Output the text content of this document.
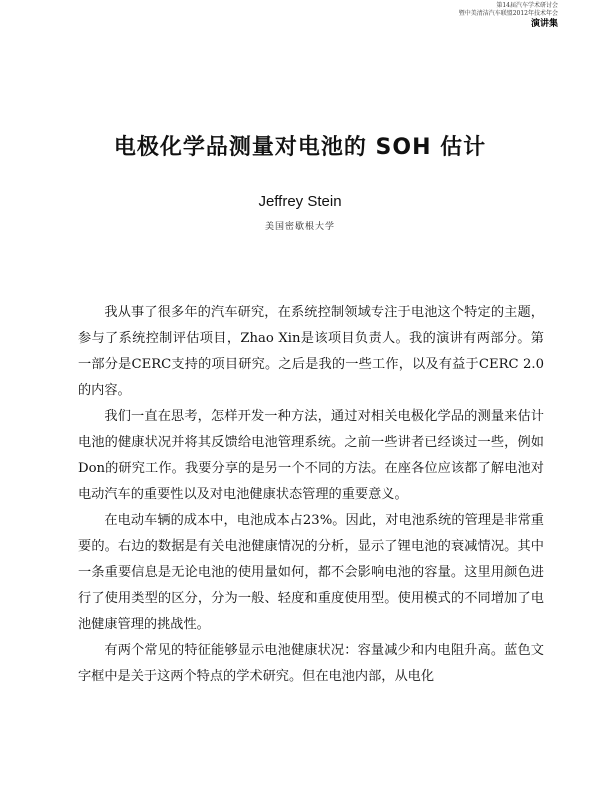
第14届汽车学术研讨会
暨中美清洁汽车联盟2012年技术年会
演讲集
电极化学品测量对电池的 SOH 估计
Jeffrey Stein
美国密歇根大学

我从事了很多年的汽车研究，在系统控制领域专注于电池这个特定的主题，参与了系统控制评估项目，Zhao Xin是该项目负责人。我的演讲有两部分。第一部分是CERC支持的项目研究。之后是我的一些工作，以及有益于CERC 2.0的内容。

我们一直在思考，怎样开发一种方法，通过对相关电极化学品的测量来估计电池的健康状况并将其反馈给电池管理系统。之前一些讲者已经谈过一些，例如Don的研究工作。我要分享的是另一个不同的方法。在座各位应该都了解电池对电动汽车的重要性以及对电池健康状态管理的重要意义。

在电动车辆的成本中，电池成本占23%。因此，对电池系统的管理是非常重要的。右边的数据是有关电池健康情况的分析，显示了锂电池的衰减情况。其中一条重要信息是无论电池的使用量如何，都不会影响电池的容量。这里用颜色进行了使用类型的区分，分为一般、轻度和重度使用型。使用模式的不同增加了电池健康管理的挑战性。

有两个常见的特征能够显示电池健康状况：容量减少和内电阻升高。蓝色文字框中是关于这两个特点的学术研究。但在电池内部，从电化
